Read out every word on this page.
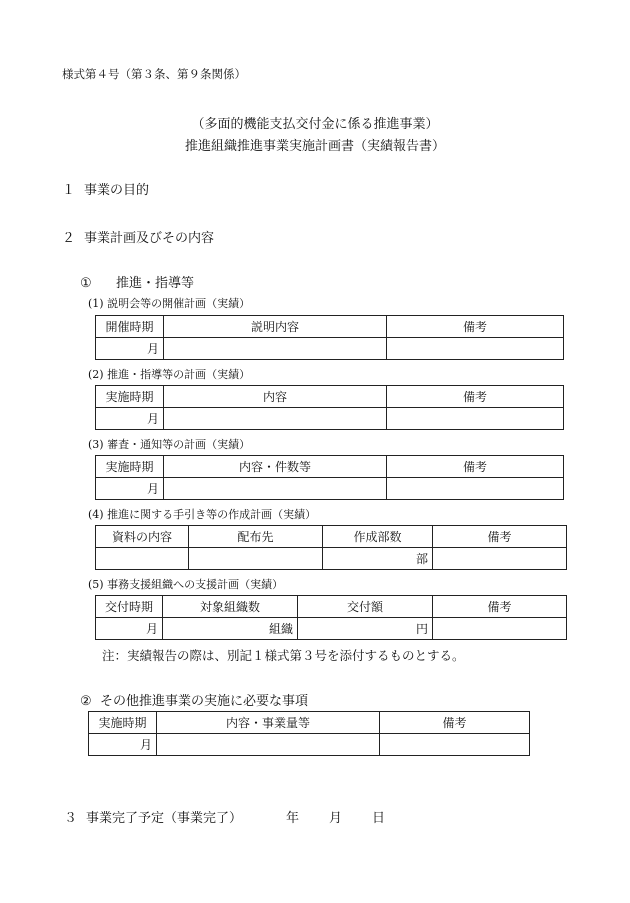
様式第４号（第３条、第９条関係）
（多面的機能支払交付金に係る推進事業）
推進組織推進事業実施計画書（実績報告書）
１ 事業の目的
２ 事業計画及びその内容
① 推進・指導等
(1) 説明会等の開催計画（実績）
開催時期	説明内容	備考
月		
(2) 推進・指導等の計画（実績）
実施時期	内容	備考
月		
(3) 審査・通知等の計画（実績）
実施時期	内容・件数等	備考
月		
(4) 推進に関する手引き等の作成計画（実績）
資料の内容	配布先	作成部数	備考
		部	
(5) 事務支援組織への支援計画（実績）
交付時期	対象組織数	交付額	備考
月	組織	円	
注：実績報告の際は、別記１様式第３号を添付するものとする。
② その他推進事業の実施に必要な事項
実施時期	内容・事業量等	備考
月		
３ 事業完了予定（事業完了）	年 月 日
